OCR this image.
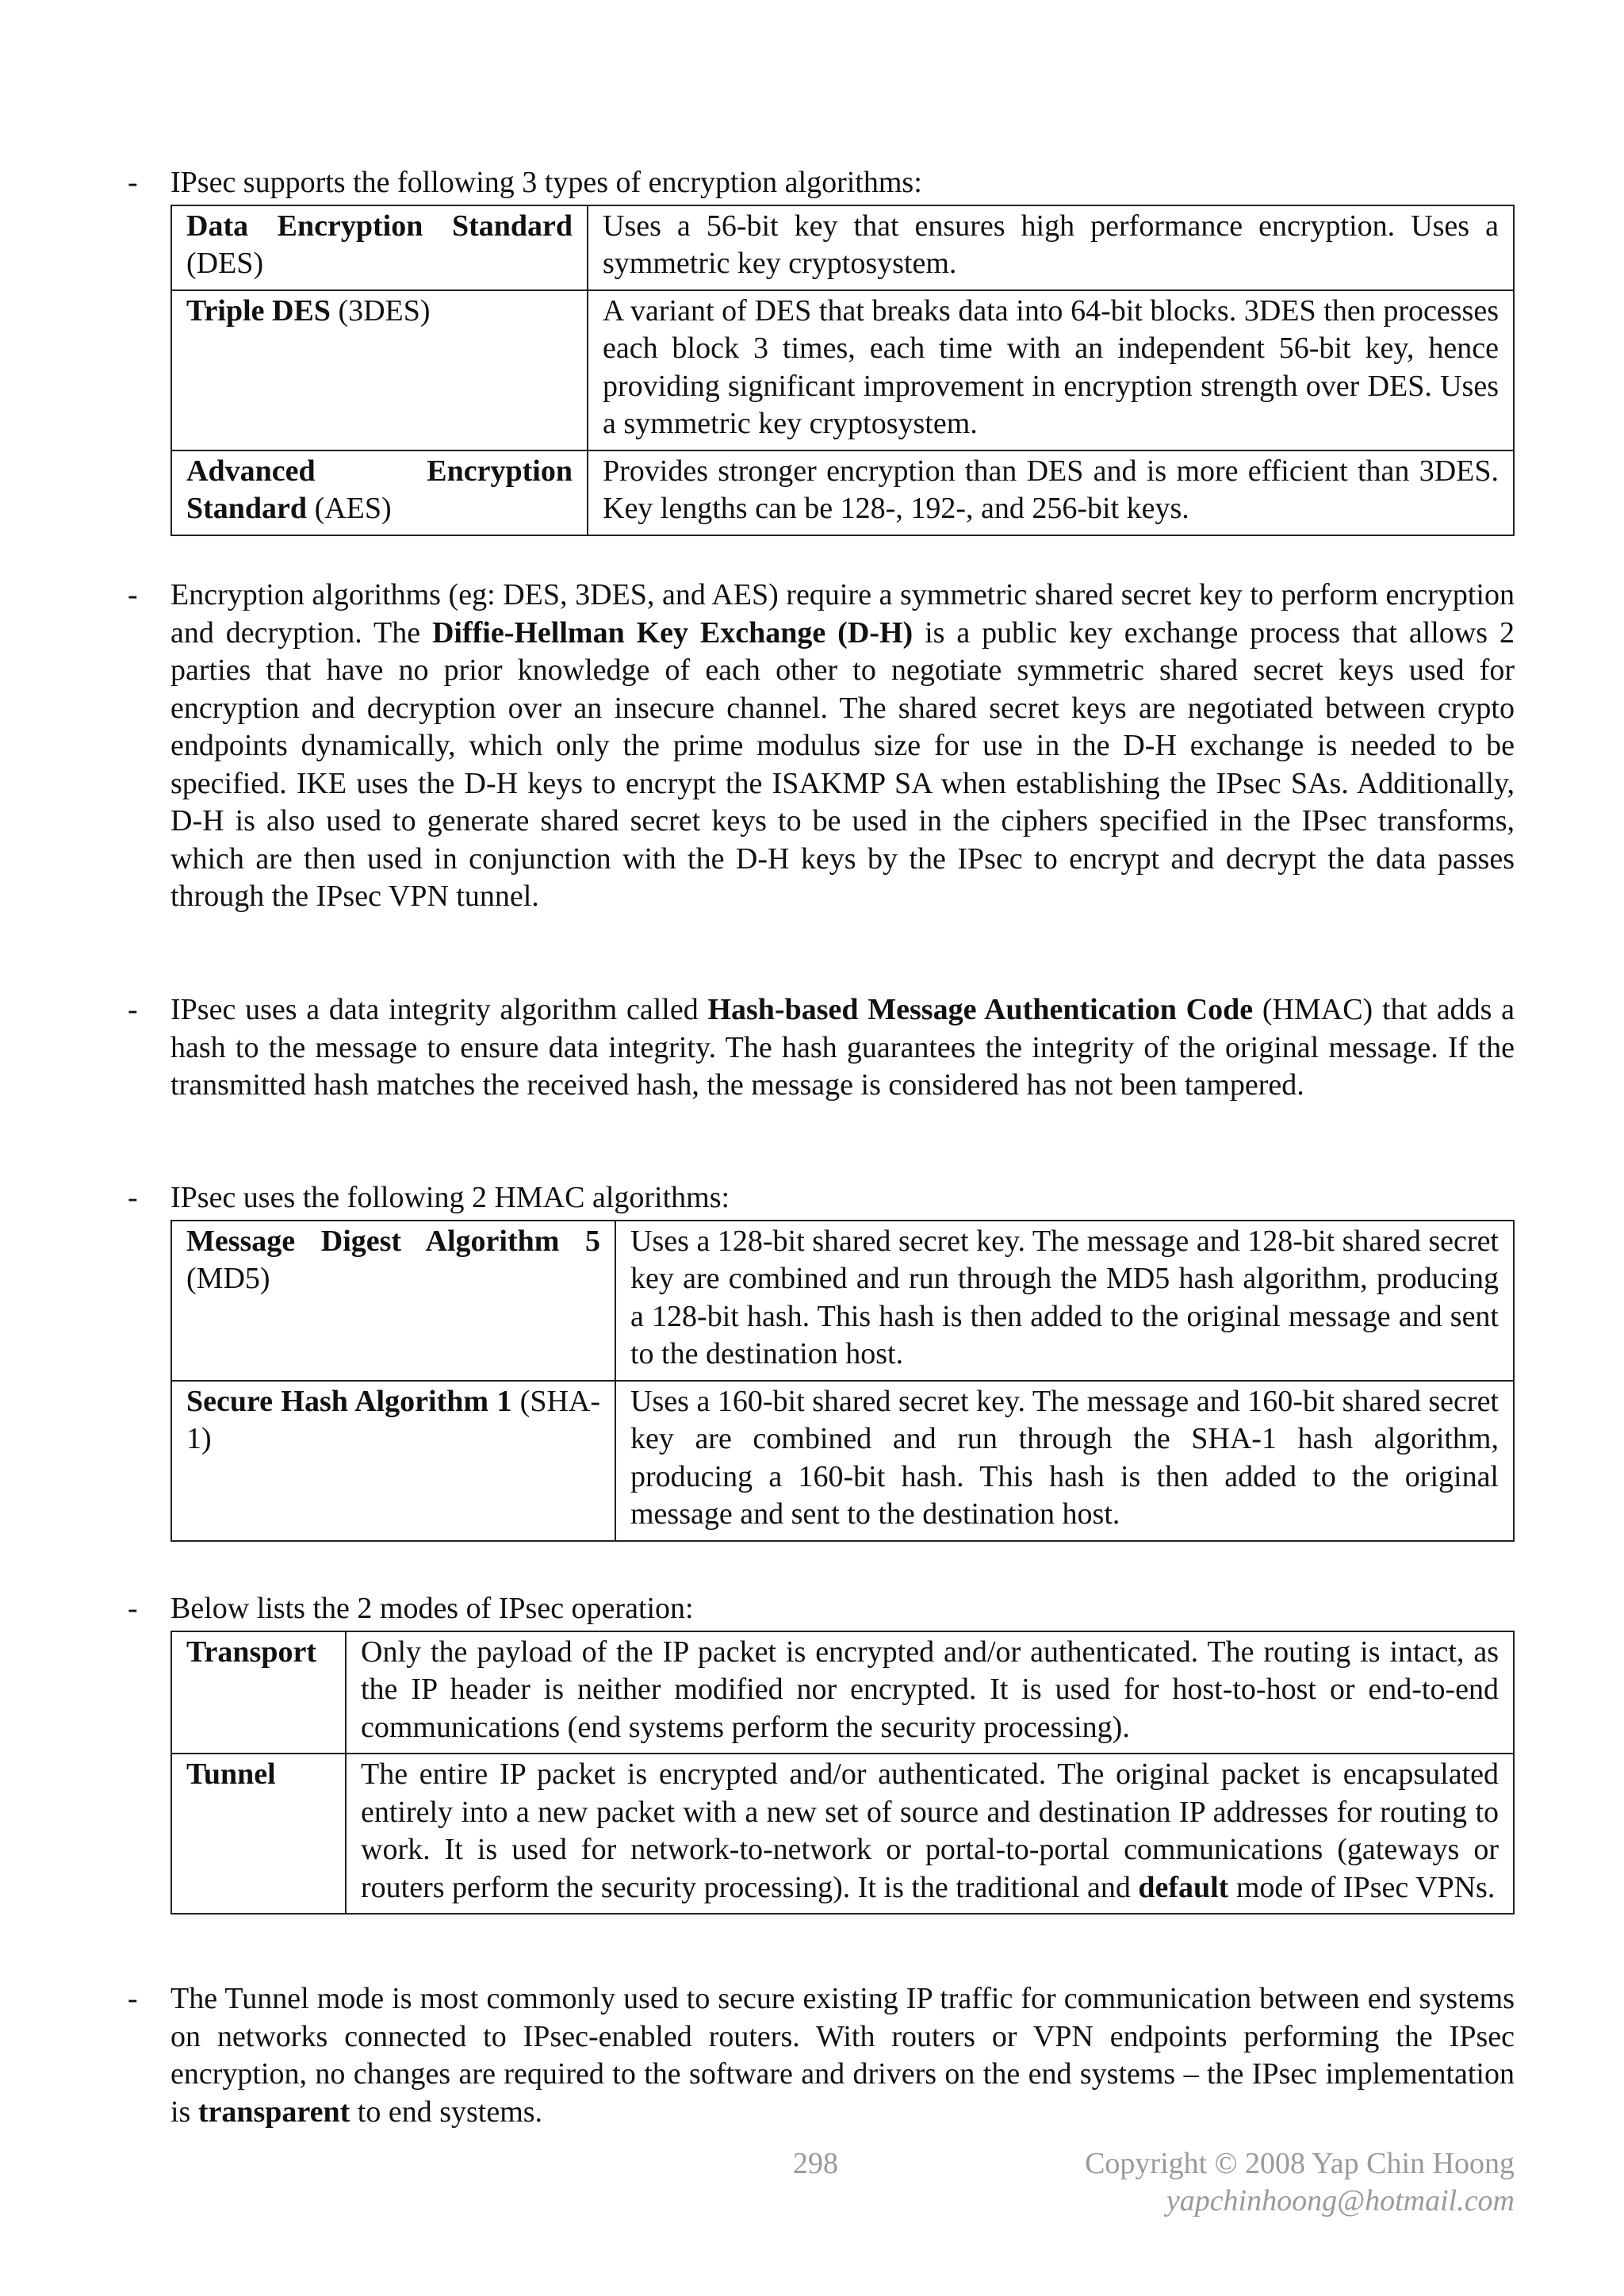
- IPsec supports the following 3 types of encryption algorithms:
Data Encryption Standard (DES)	Uses a 56-bit key that ensures high performance encryption. Uses a symmetric key cryptosystem.
Triple DES (3DES)	A variant of DES that breaks data into 64-bit blocks. 3DES then processes each block 3 times, each time with an independent 56-bit key, hence providing significant improvement in encryption strength over DES. Uses a symmetric key cryptosystem.
Advanced Encryption Standard (AES)	Provides stronger encryption than DES and is more efficient than 3DES. Key lengths can be 128-, 192-, and 256-bit keys.
- Encryption algorithms (eg: DES, 3DES, and AES) require a symmetric shared secret key to perform encryption and decryption. The Diffie-Hellman Key Exchange (D-H) is a public key exchange process that allows 2 parties that have no prior knowledge of each other to negotiate symmetric shared secret keys used for encryption and decryption over an insecure channel. The shared secret keys are negotiated between crypto endpoints dynamically, which only the prime modulus size for use in the D-H exchange is needed to be specified. IKE uses the D-H keys to encrypt the ISAKMP SA when establishing the IPsec SAs. Additionally, D-H is also used to generate shared secret keys to be used in the ciphers specified in the IPsec transforms, which are then used in conjunction with the D-H keys by the IPsec to encrypt and decrypt the data passes through the IPsec VPN tunnel.

- IPsec uses a data integrity algorithm called Hash-based Message Authentication Code (HMAC) that adds a hash to the message to ensure data integrity. The hash guarantees the integrity of the original message. If the transmitted hash matches the received hash, the message is considered has not been tampered.

- IPsec uses the following 2 HMAC algorithms:
Message Digest Algorithm 5 (MD5)	Uses a 128-bit shared secret key. The message and 128-bit shared secret key are combined and run through the MD5 hash algorithm, producing a 128-bit hash. This hash is then added to the original message and sent to the destination host.
Secure Hash Algorithm 1 (SHA-1)	Uses a 160-bit shared secret key. The message and 160-bit shared secret key are combined and run through the SHA-1 hash algorithm, producing a 160-bit hash. This hash is then added to the original message and sent to the destination host.
- Below lists the 2 modes of IPsec operation:
Transport	Only the payload of the IP packet is encrypted and/or authenticated. The routing is intact, as the IP header is neither modified nor encrypted. It is used for host-to-host or end-to-end communications (end systems perform the security processing).
Tunnel	The entire IP packet is encrypted and/or authenticated. The original packet is encapsulated entirely into a new packet with a new set of source and destination IP addresses for routing to work. It is used for network-to-network or portal-to-portal communications (gateways or routers perform the security processing). It is the traditional and default mode of IPsec VPNs.
- The Tunnel mode is most commonly used to secure existing IP traffic for communication between end systems on networks connected to IPsec-enabled routers. With routers or VPN endpoints performing the IPsec encryption, no changes are required to the software and drivers on the end systems – the IPsec implementation is transparent to end systems.

298	Copyright © 2008 Yap Chin Hoong
yapchinhoong@hotmail.com
